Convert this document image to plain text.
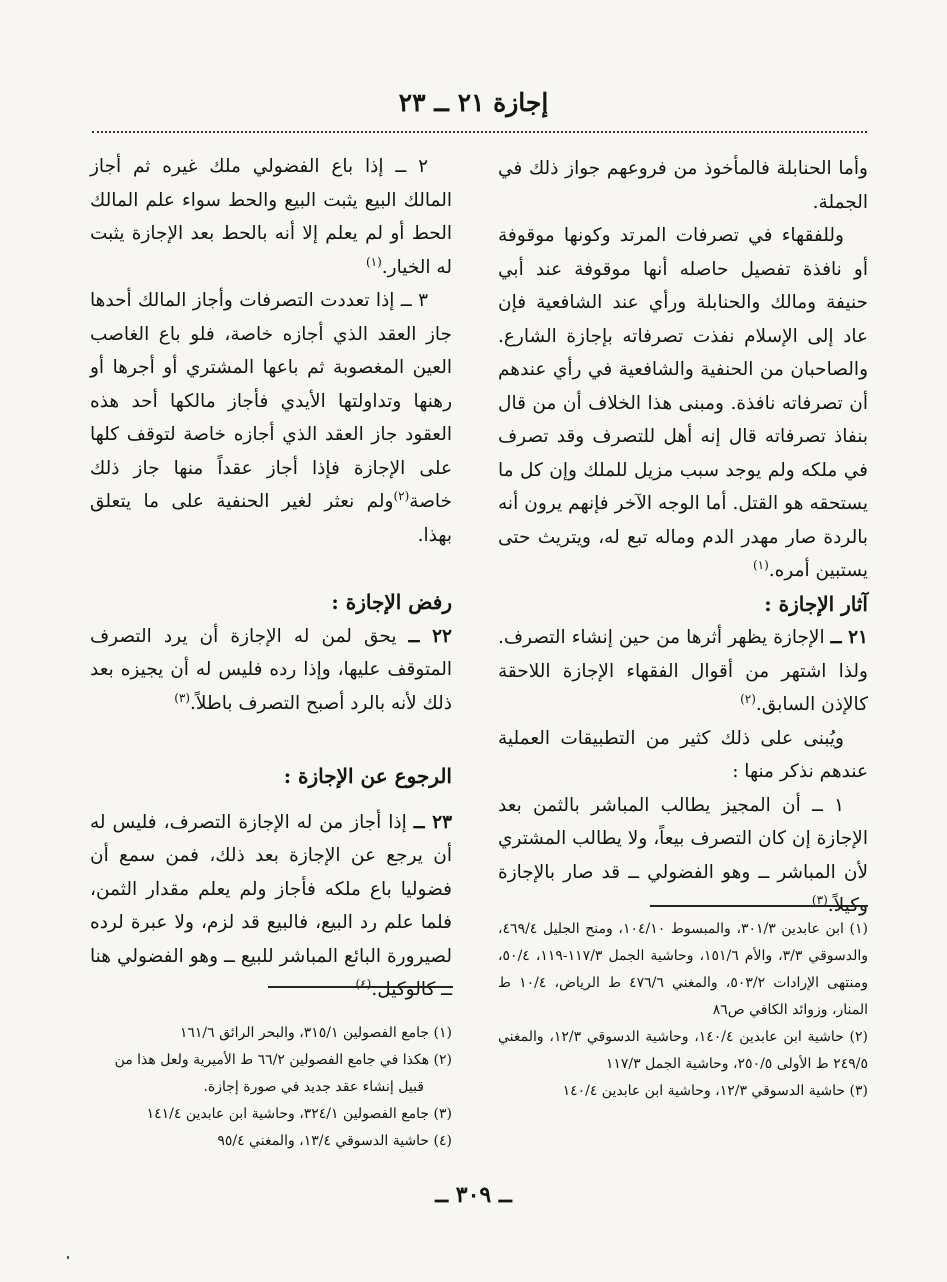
إجازة ٢١ ــ ٢٣

وأما الحنابلة فالمأخوذ من فروعهم جواز ذلك في الجملة.

وللفقهاء في تصرفات المرتد وكونها موقوفة أو نافذة تفصيل حاصله أنها موقوفة عند أبي حنيفة ومالك والحنابلة ورأي عند الشافعية فإن عاد إلى الإسلام نفذت تصرفاته بإجازة الشارع. والصاحبان من الحنفية والشافعية في رأي عندهم أن تصرفاته نافذة. ومبنى هذا الخلاف أن من قال بنفاذ تصرفاته قال إنه أهل للتصرف وقد تصرف في ملكه ولم يوجد سبب مزيل للملك وإن كل ما يستحقه هو القتل. أما الوجه الآخر فإنهم يرون أنه بالردة صار مهدر الدم وماله تبع له، ويتريث حتى يستبين أمره.$^{(١)}$

آثار الإجازة :

٢١ ــ الإجازة يظهر أثرها من حين إنشاء التصرف. ولذا اشتهر من أقوال الفقهاء الإجازة اللاحقة كالإذن السابق.$^{(٢)}$

ويُبنى على ذلك كثير من التطبيقات العملية عندهم نذكر منها :

١ ــ أن المجيز يطالب المباشر بالثمن بعد الإجازة إن كان التصرف بيعاً، ولا يطالب المشتري لأن المباشر ــ وهو الفضولي ــ قد صار بالإجازة وكيلاً.$^{(٣)}$

٢ ــ إذا باع الفضولي ملك غيره ثم أجاز المالك البيع يثبت البيع والحط سواء علم المالك الحط أو لم يعلم إلا أنه بالحط بعد الإجازة يثبت له الخيار.$^{(١)}$

٣ ــ إذا تعددت التصرفات وأجاز المالك أحدها جاز العقد الذي أجازه خاصة، فلو باع الغاصب العين المغصوبة ثم باعها المشتري أو أجرها أو رهنها وتداولتها الأيدي فأجاز مالكها أحد هذه العقود جاز العقد الذي أجازه خاصة لتوقف كلها على الإجازة فإذا أجاز عقداً منها جاز ذلك خاصة$^{(٢)}$ولم نعثر لغير الحنفية على ما يتعلق بهذا.

رفض الإجازة :

٢٢ ــ يحق لمن له الإجازة أن يرد التصرف المتوقف عليها، وإذا رده فليس له أن يجيزه بعد ذلك لأنه بالرد أصبح التصرف باطلاً.$^{(٣)}$

الرجوع عن الإجازة :

٢٣ ــ إذا أجاز من له الإجازة التصرف، فليس له أن يرجع عن الإجازة بعد ذلك، فمن سمع أن فضوليا باع ملكه فأجاز ولم يعلم مقدار الثمن، فلما علم رد البيع، فالبيع قد لزم، ولا عبرة لرده لصيرورة البائع المباشر للبيع ــ وهو الفضولي هنا ــ كالوكيل.$^{(٤)}$

(١) ابن عابدين ٣٠١/٣، والمبسوط ١٠٤/١٠، ومنح الجليل ٤٦٩/٤، والدسوقي ٣/٣، والأم ١٥١/٦، وحاشية الجمل ١١٧/٣-١١٩، ٥٠/٤، ومنتهى الإرادات ٥٠٣/٢، والمغني ٤٧٦/٦ ط الرياض، ١٠/٤ ط المنار، وزوائد الكافي ص٨٦

(٢) حاشية ابن عابدين ١٤٠/٤، وحاشية الدسوقي ١٢/٣، والمغني ٢٤٩/٥ ط الأولى ٢٥٠/٥، وحاشية الجمل ١١٧/٣

(٣) حاشية الدسوقي ١٢/٣، وحاشية ابن عابدين ١٤٠/٤

(١) جامع الفصولين ٣١٥/١، والبحر الرائق ١٦١/٦

(٢) هكذا في جامع الفصولين ٦٦/٢ ط الأميرية ولعل هذا من

قبيل إنشاء عقد جديد في صورة إجازة.

(٣) جامع الفصولين ٣٢٤/١، وحاشية ابن عابدين ١٤١/٤

(٤) حاشية الدسوقي ١٣/٤، والمغني ٩٥/٤

ــ ٣٠٩ ــ
